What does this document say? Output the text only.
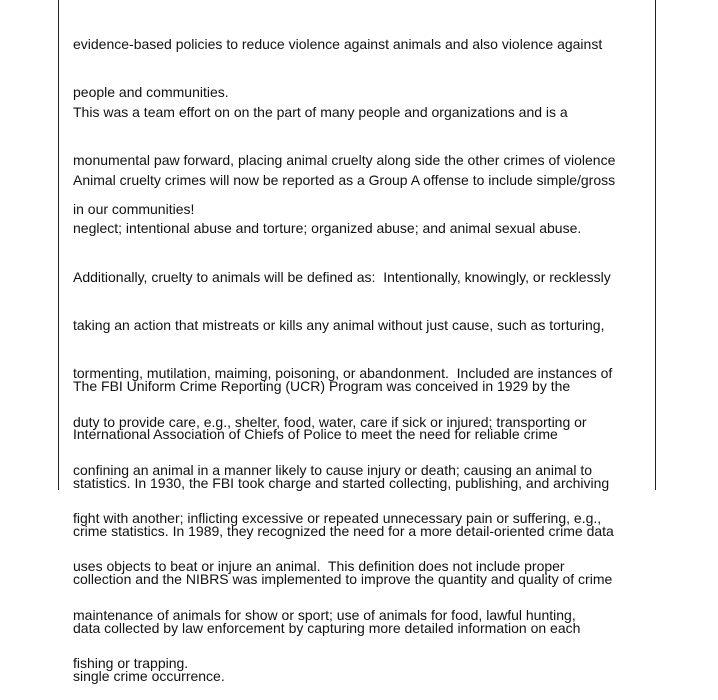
evidence-based policies to reduce violence against animals and also violence against

people and communities.

This was a team effort on on the part of many people and organizations and is a

monumental paw forward, placing animal cruelty along side the other crimes of violence

in our communities!

Animal cruelty crimes will now be reported as a Group A offense to include simple/gross

neglect; intentional abuse and torture; organized abuse; and animal sexual abuse.

Additionally, cruelty to animals will be defined as:  Intentionally, knowingly, or recklessly

taking an action that mistreats or kills any animal without just cause, such as torturing,

tormenting, mutilation, maiming, poisoning, or abandonment.  Included are instances of

duty to provide care, e.g., shelter, food, water, care if sick or injured; transporting or

confining an animal in a manner likely to cause injury or death; causing an animal to

fight with another; inflicting excessive or repeated unnecessary pain or suffering, e.g.,

uses objects to beat or injure an animal.  This definition does not include proper

maintenance of animals for show or sport; use of animals for food, lawful hunting,

fishing or trapping.

The FBI Uniform Crime Reporting (UCR) Program was conceived in 1929 by the

International Association of Chiefs of Police to meet the need for reliable crime

statistics. In 1930, the FBI took charge and started collecting, publishing, and archiving

crime statistics. In 1989, they recognized the need for a more detail-oriented crime data

collection and the NIBRS was implemented to improve the quantity and quality of crime

data collected by law enforcement by capturing more detailed information on each

single crime occurrence.
